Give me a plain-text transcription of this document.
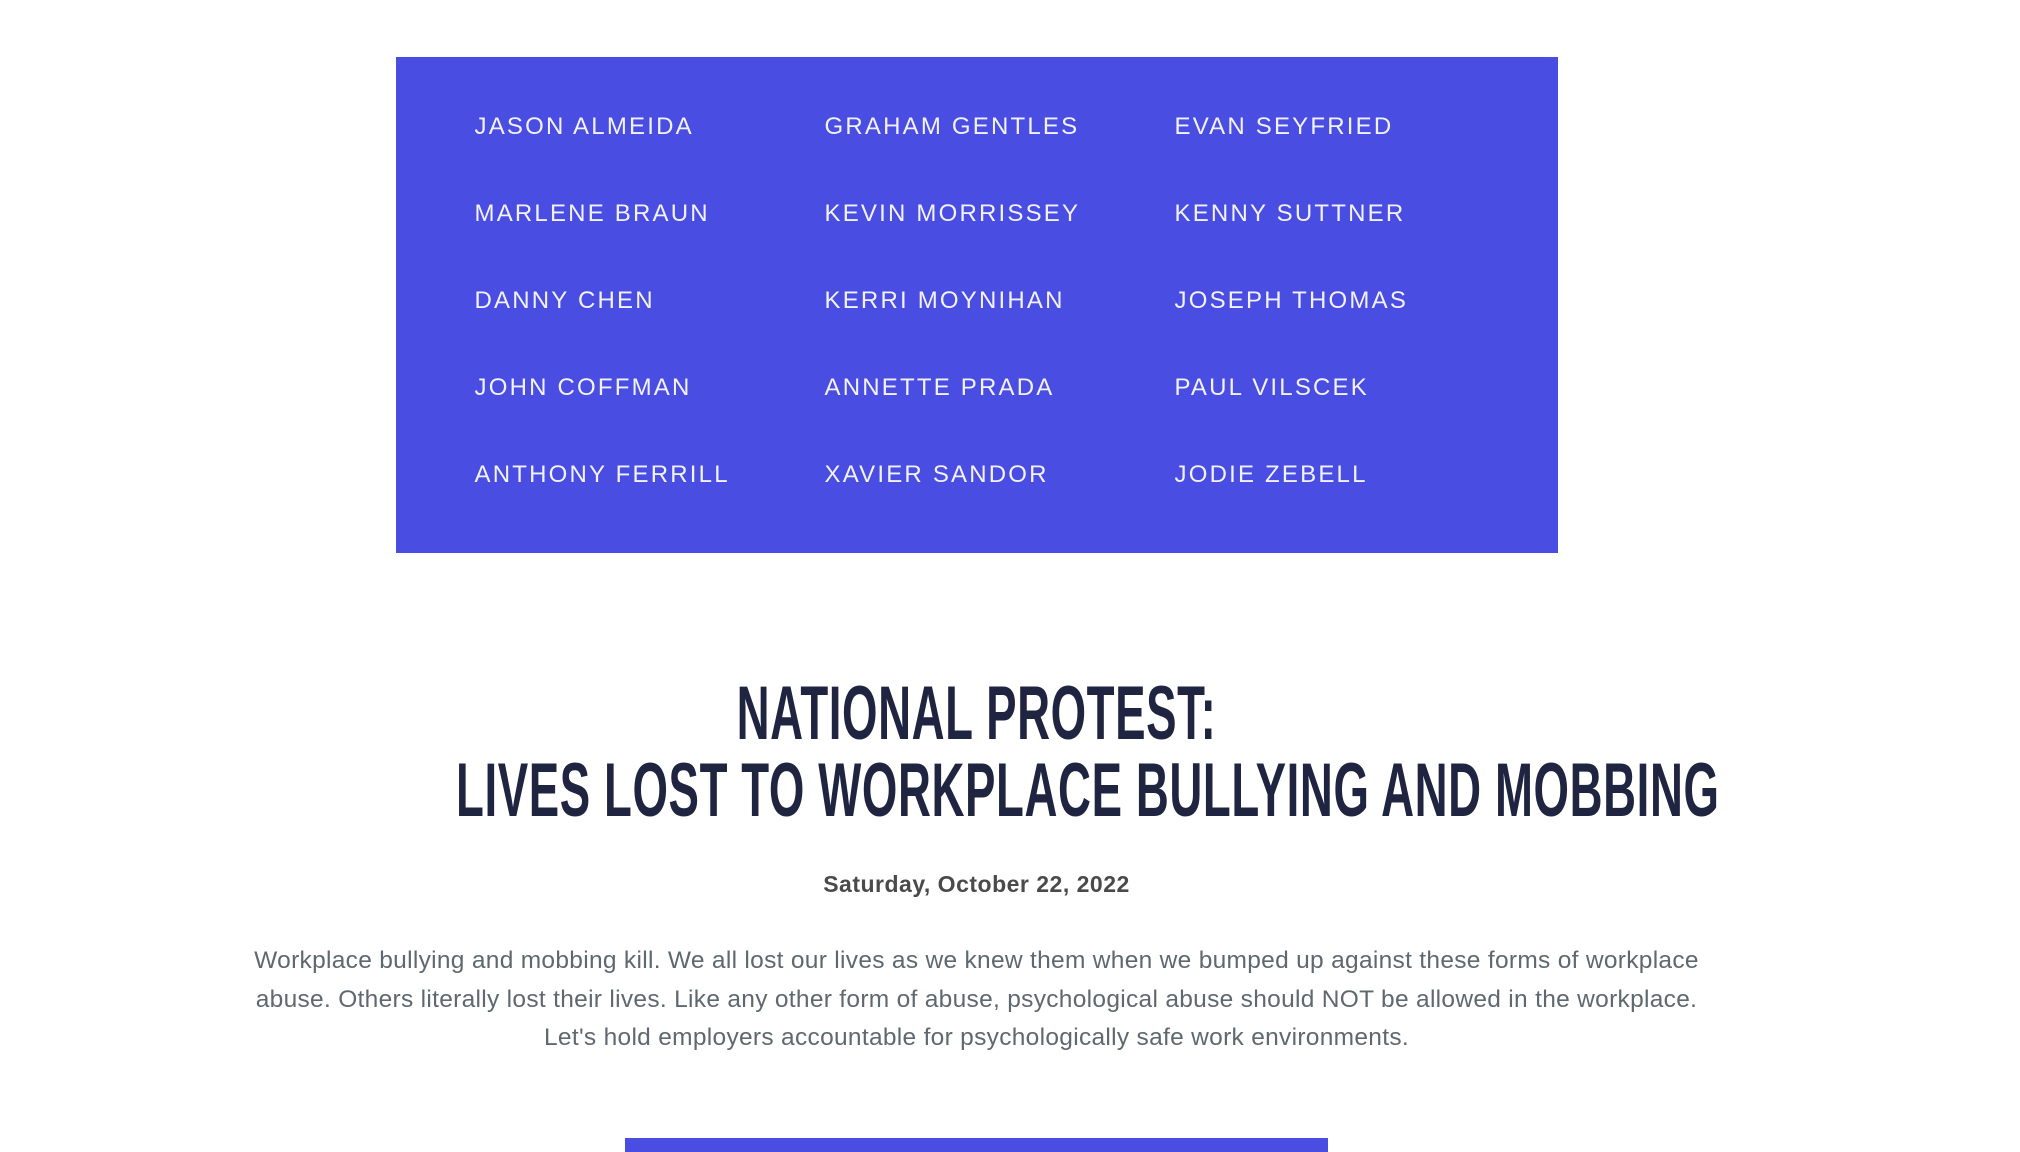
JASON ALMEIDA
MARLENE BRAUN
DANNY CHEN
JOHN COFFMAN
ANTHONY FERRILL
GRAHAM GENTLES
KEVIN MORRISSEY
KERRI MOYNIHAN
ANNETTE PRADA
XAVIER SANDOR
EVAN SEYFRIED
KENNY SUTTNER
JOSEPH THOMAS
PAUL VILSCEK
JODIE ZEBELL
NATIONAL PROTEST:
LIVES LOST TO WORKPLACE BULLYING AND MOBBING
Saturday, October 22, 2022
Workplace bullying and mobbing kill. We all lost our lives as we knew them when we bumped up against these forms of workplace
abuse. Others literally lost their lives. Like any other form of abuse, psychological abuse should NOT be allowed in the workplace.
Let's hold employers accountable for psychologically safe work environments.
